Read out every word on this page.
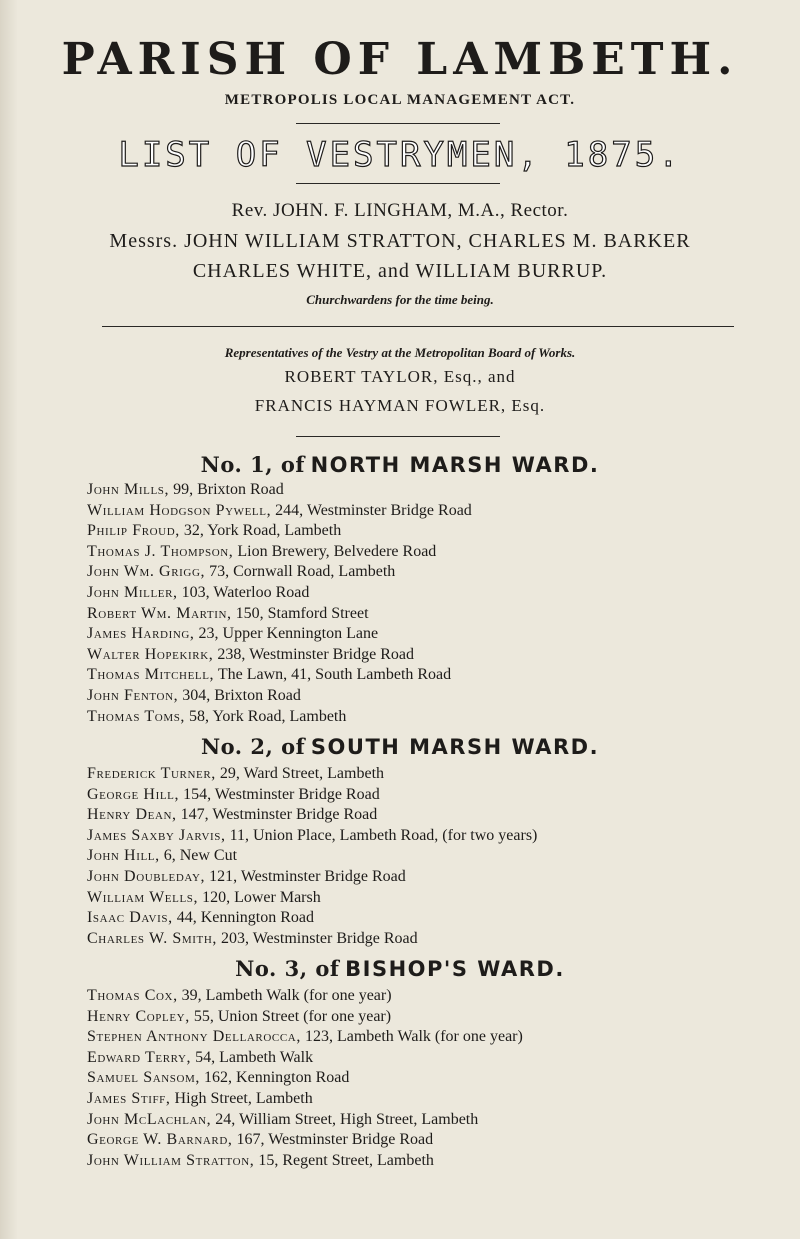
PARISH OF LAMBETH.
METROPOLIS LOCAL MANAGEMENT ACT.
LIST OF VESTRYMEN, 1875.
Rev. JOHN. F. LINGHAM, M.A., Rector.
Messrs. JOHN WILLIAM STRATTON, CHARLES M. BARKER
CHARLES WHITE, and WILLIAM BURRUP.
Churchwardens for the time being.
Representatives of the Vestry at the Metropolitan Board of Works.
ROBERT TAYLOR, Esq., and
FRANCIS HAYMAN FOWLER, Esq.
No. 1, of NORTH MARSH WARD.
John Mills, 99, Brixton Road
William Hodgson Pywell, 244, Westminster Bridge Road
Philip Froud, 32, York Road, Lambeth
Thomas J. Thompson, Lion Brewery, Belvedere Road
John Wm. Grigg, 73, Cornwall Road, Lambeth
John Miller, 103, Waterloo Road
Robert Wm. Martin, 150, Stamford Street
James Harding, 23, Upper Kennington Lane
Walter Hopekirk, 238, Westminster Bridge Road
Thomas Mitchell, The Lawn, 41, South Lambeth Road
John Fenton, 304, Brixton Road
Thomas Toms, 58, York Road, Lambeth
No. 2, of SOUTH MARSH WARD.
Frederick Turner, 29, Ward Street, Lambeth
George Hill, 154, Westminster Bridge Road
Henry Dean, 147, Westminster Bridge Road
James Saxby Jarvis, 11, Union Place, Lambeth Road, (for two years)
John Hill, 6, New Cut
John Doubleday, 121, Westminster Bridge Road
William Wells, 120, Lower Marsh
Isaac Davis, 44, Kennington Road
Charles W. Smith, 203, Westminster Bridge Road
No. 3, of BISHOP'S WARD.
Thomas Cox, 39, Lambeth Walk (for one year)
Henry Copley, 55, Union Street (for one year)
Stephen Anthony Dellarocca, 123, Lambeth Walk (for one year)
Edward Terry, 54, Lambeth Walk
Samuel Sansom, 162, Kennington Road
James Stiff, High Street, Lambeth
John McLachlan, 24, William Street, High Street, Lambeth
George W. Barnard, 167, Westminster Bridge Road
John William Stratton, 15, Regent Street, Lambeth
